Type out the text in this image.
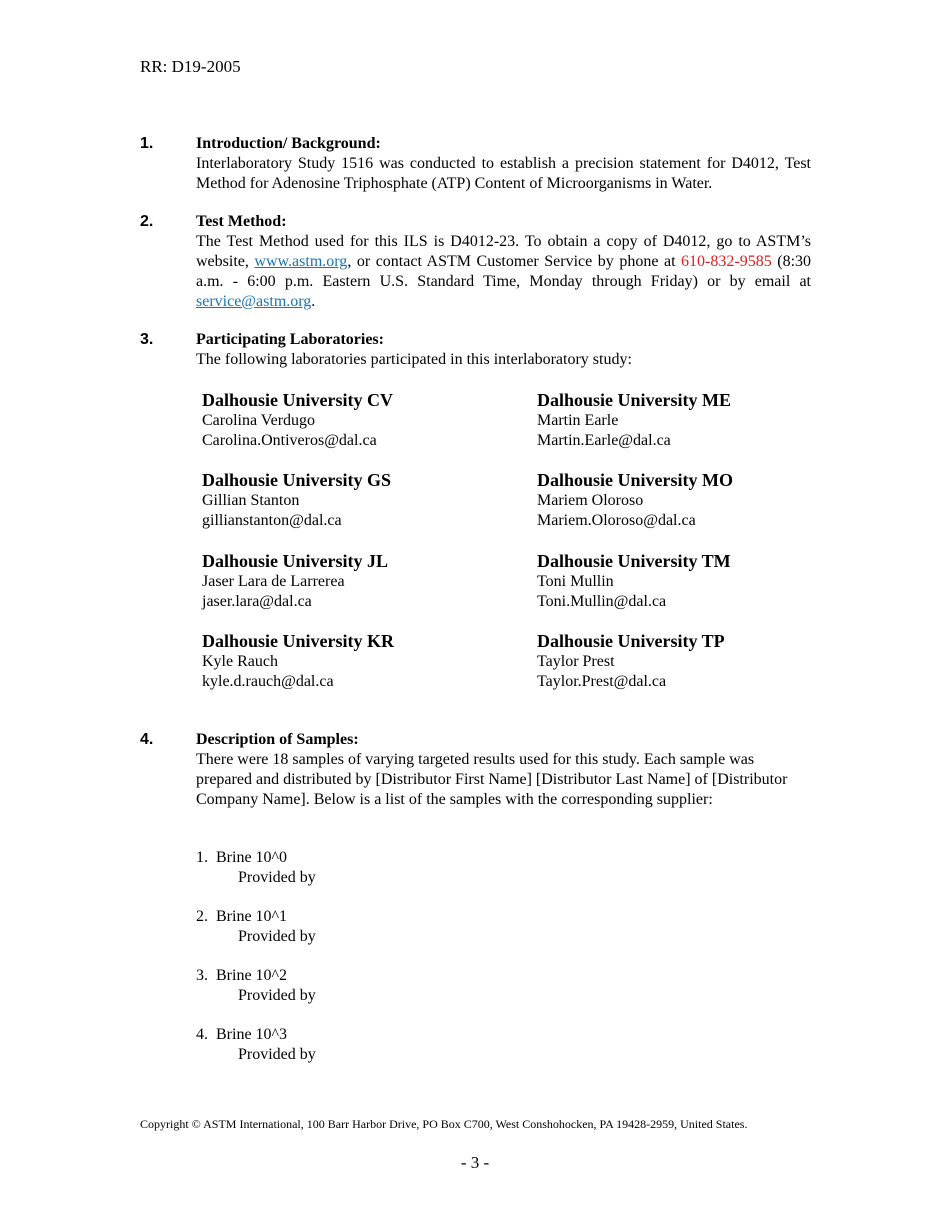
RR: D19-2005
1.	Introduction/ Background:
Interlaboratory Study 1516 was conducted to establish a precision statement for D4012, Test Method for Adenosine Triphosphate (ATP) Content of Microorganisms in Water.
2.	Test Method:
The Test Method used for this ILS is D4012-23. To obtain a copy of D4012, go to ASTM’s website, www.astm.org, or contact ASTM Customer Service by phone at 610-832-9585 (8:30 a.m. - 6:00 p.m. Eastern U.S. Standard Time, Monday through Friday) or by email at service@astm.org.
3.	Participating Laboratories:
The following laboratories participated in this interlaboratory study:
Dalhousie University CV
Carolina Verdugo
Carolina.Ontiveros@dal.ca
Dalhousie University ME
Martin Earle
Martin.Earle@dal.ca
Dalhousie University GS
Gillian Stanton
gillianstanton@dal.ca
Dalhousie University MO
Mariem Oloroso
Mariem.Oloroso@dal.ca
Dalhousie University JL
Jaser Lara de Larrerea
jaser.lara@dal.ca
Dalhousie University TM
Toni Mullin
Toni.Mullin@dal.ca
Dalhousie University KR
Kyle Rauch
kyle.d.rauch@dal.ca
Dalhousie University TP
Taylor Prest
Taylor.Prest@dal.ca
4.	Description of Samples:
There were 18 samples of varying targeted results used for this study. Each sample was prepared and distributed by [Distributor First Name] [Distributor Last Name] of [Distributor Company Name]. Below is a list of the samples with the corresponding supplier:
1.  Brine 10^0
Provided by
2.  Brine 10^1
Provided by
3.  Brine 10^2
Provided by
4.  Brine 10^3
Provided by
Copyright © ASTM International, 100 Barr Harbor Drive, PO Box C700, West Conshohocken, PA 19428-2959, United States.
- 3 -
